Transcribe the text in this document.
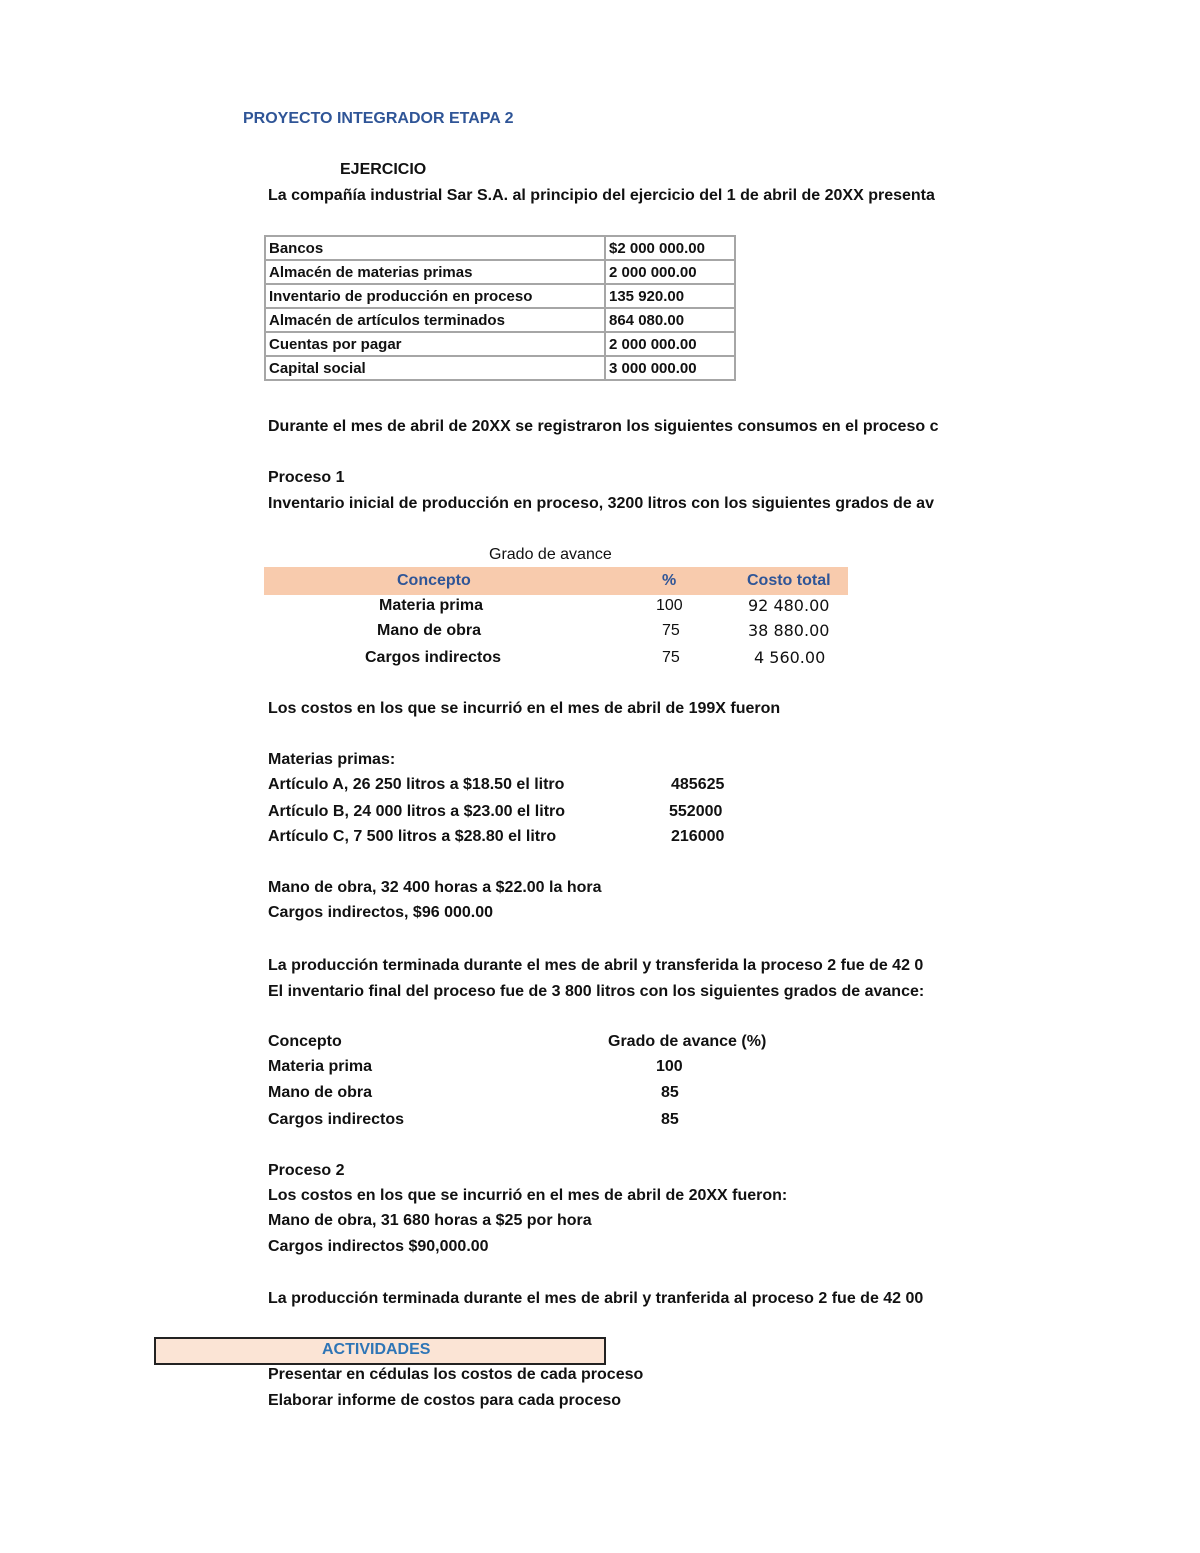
PROYECTO INTEGRADOR ETAPA 2
EJERCICIO
La compañía industrial Sar S.A. al principio del ejercicio del 1 de abril de 20XX presenta
Bancos	$2 000 000.00
Almacén de materias primas	2 000 000.00
Inventario de producción en proceso	135 920.00
Almacén de artículos terminados	864 080.00
Cuentas por pagar	2 000 000.00
Capital social	3 000 000.00
Durante el mes de abril de 20XX se registraron los siguientes consumos en el proceso c
Proceso 1
Inventario inicial de producción en proceso, 3200 litros con los siguientes grados de av
Grado de avance
Concepto	%	Costo total
Materia prima	100	92 480.00
Mano de obra	75	38 880.00
Cargos indirectos	75	4 560.00
Los costos en los que se incurrió en el mes de abril de 199X fueron
Materias primas:
Artículo A, 26 250 litros a $18.50 el litro	485625
Artículo B, 24 000 litros a $23.00 el litro	552000
Artículo C, 7 500 litros a $28.80 el litro	216000
Mano de obra, 32 400 horas a $22.00 la hora
Cargos indirectos, $96 000.00
La producción terminada durante el mes de abril y transferida la proceso 2 fue de 42 0
El inventario final del proceso fue de 3 800 litros con los siguientes grados de avance:
Concepto	Grado de avance (%)
Materia prima	100
Mano de obra	85
Cargos indirectos	85
Proceso 2
Los costos en los que se incurrió en el mes de abril de 20XX fueron:
Mano de obra, 31 680 horas a $25 por hora
Cargos indirectos $90,000.00
La producción terminada durante el mes de abril y tranferida al proceso 2 fue de 42 00
ACTIVIDADES
Presentar en cédulas los costos de cada proceso
Elaborar informe de costos para cada proceso
